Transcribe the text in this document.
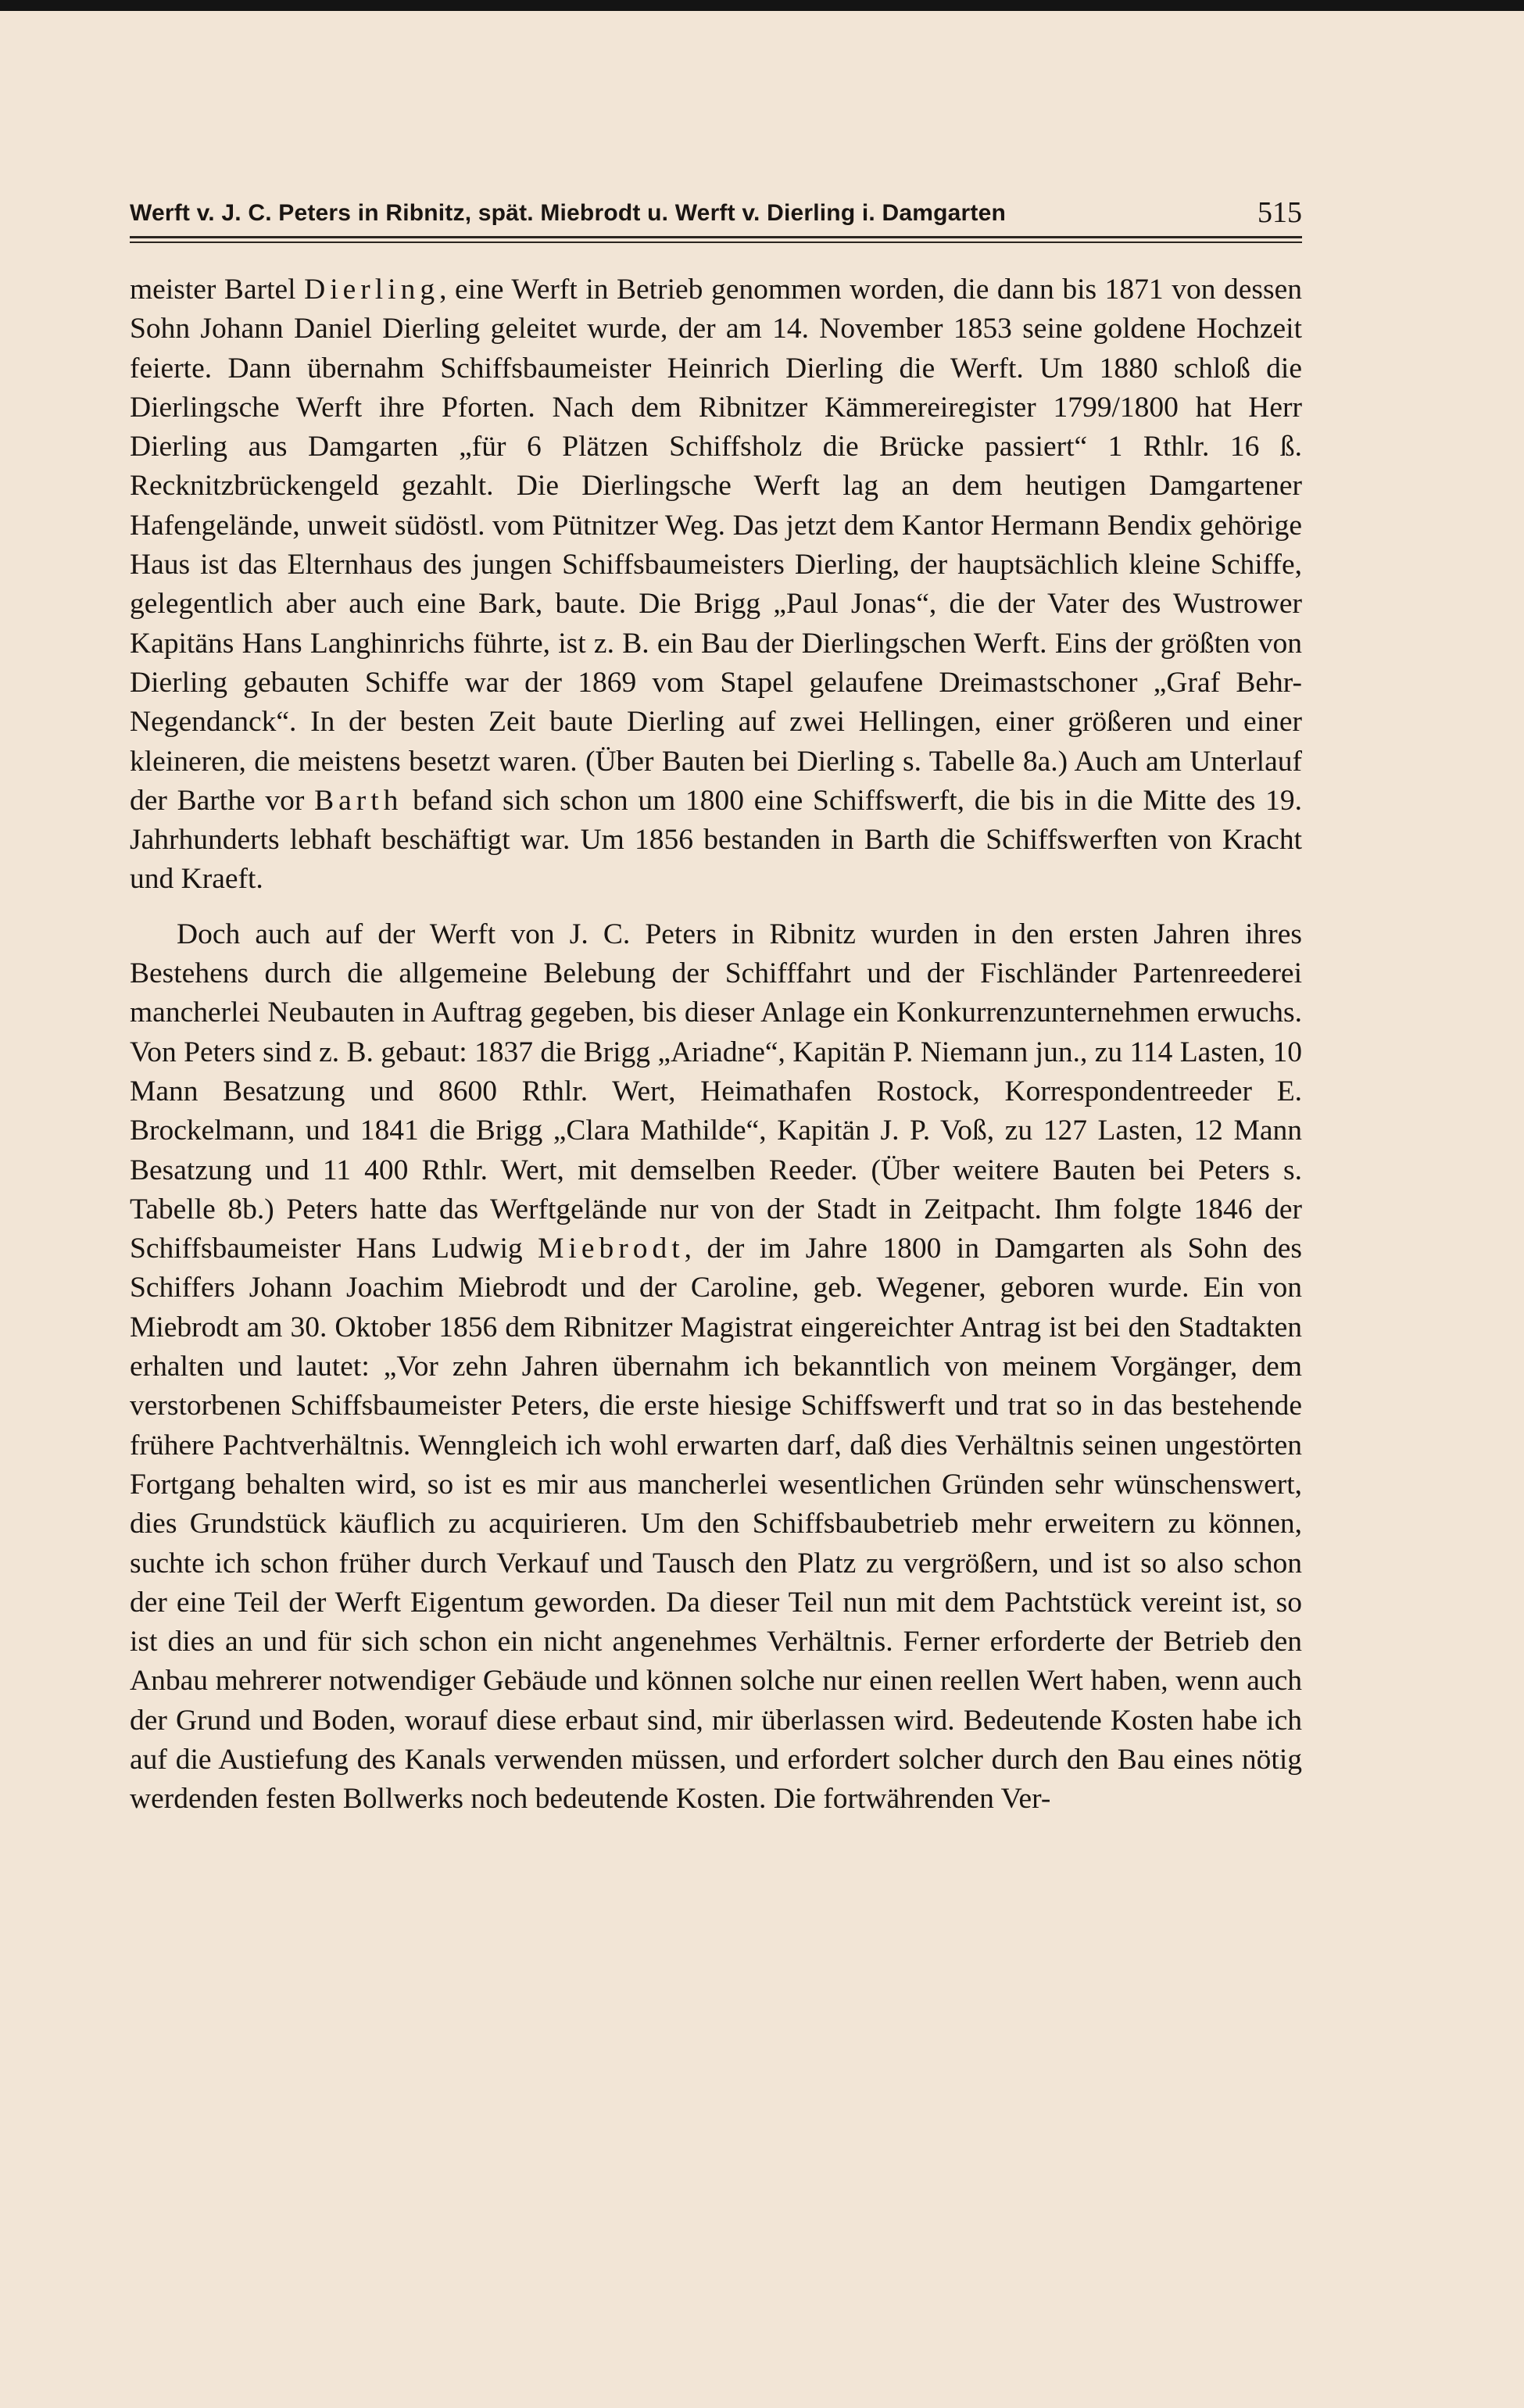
Werft v. J. C. Peters in Ribnitz, spät. Miebrodt u. Werft v. Dierling i. Damgarten	515

meister Bartel Dierling, eine Werft in Betrieb genommen worden, die dann bis 1871 von dessen Sohn Johann Daniel Dierling geleitet wurde, der am 14. November 1853 seine goldene Hochzeit feierte. Dann übernahm Schiffsbaumeister Heinrich Dierling die Werft. Um 1880 schloß die Dierlingsche Werft ihre Pforten. Nach dem Ribnitzer Kämmereiregister 1799/1800 hat Herr Dierling aus Damgarten „für 6 Plätzen Schiffsholz die Brücke passiert“ 1 Rthlr. 16 ß. Recknitzbrückengeld gezahlt. Die Dierlingsche Werft lag an dem heutigen Damgartener Hafengelände, unweit südöstl. vom Pütnitzer Weg. Das jetzt dem Kantor Hermann Bendix gehörige Haus ist das Elternhaus des jungen Schiffsbaumeisters Dierling, der hauptsächlich kleine Schiffe, gelegentlich aber auch eine Bark, baute. Die Brigg „Paul Jonas“, die der Vater des Wustrower Kapitäns Hans Langhinrichs führte, ist z. B. ein Bau der Dierlingschen Werft. Eins der größten von Dierling gebauten Schiffe war der 1869 vom Stapel gelaufene Dreimastschoner „Graf Behr-Negendanck“. In der besten Zeit baute Dierling auf zwei Hellingen, einer größeren und einer kleineren, die meistens besetzt waren. (Über Bauten bei Dierling s. Tabelle 8a.) Auch am Unterlauf der Barthe vor Barth befand sich schon um 1800 eine Schiffswerft, die bis in die Mitte des 19. Jahrhunderts lebhaft beschäftigt war. Um 1856 bestanden in Barth die Schiffswerften von Kracht und Kraeft.

Doch auch auf der Werft von J. C. Peters in Ribnitz wurden in den ersten Jahren ihres Bestehens durch die allgemeine Belebung der Schifffahrt und der Fischländer Partenreederei mancherlei Neubauten in Auftrag gegeben, bis dieser Anlage ein Konkurrenzunternehmen erwuchs. Von Peters sind z. B. gebaut: 1837 die Brigg „Ariadne“, Kapitän P. Niemann jun., zu 114 Lasten, 10 Mann Besatzung und 8600 Rthlr. Wert, Heimathafen Rostock, Korrespondentreeder E. Brockelmann, und 1841 die Brigg „Clara Mathilde“, Kapitän J. P. Voß, zu 127 Lasten, 12 Mann Besatzung und 11 400 Rthlr. Wert, mit demselben Reeder. (Über weitere Bauten bei Peters s. Tabelle 8b.) Peters hatte das Werftgelände nur von der Stadt in Zeitpacht. Ihm folgte 1846 der Schiffsbaumeister Hans Ludwig Miebrodt, der im Jahre 1800 in Damgarten als Sohn des Schiffers Johann Joachim Miebrodt und der Caroline, geb. Wegener, geboren wurde. Ein von Miebrodt am 30. Oktober 1856 dem Ribnitzer Magistrat eingereichter Antrag ist bei den Stadtakten erhalten und lautet: „Vor zehn Jahren übernahm ich bekanntlich von meinem Vorgänger, dem verstorbenen Schiffsbaumeister Peters, die erste hiesige Schiffswerft und trat so in das bestehende frühere Pachtverhältnis. Wenngleich ich wohl erwarten darf, daß dies Verhältnis seinen ungestörten Fortgang behalten wird, so ist es mir aus mancherlei wesentlichen Gründen sehr wünschenswert, dies Grundstück käuflich zu acquirieren. Um den Schiffsbaubetrieb mehr erweitern zu können, suchte ich schon früher durch Verkauf und Tausch den Platz zu vergrößern, und ist so also schon der eine Teil der Werft Eigentum geworden. Da dieser Teil nun mit dem Pachtstück vereint ist, so ist dies an und für sich schon ein nicht angenehmes Verhältnis. Ferner erforderte der Betrieb den Anbau mehrerer notwendiger Gebäude und können solche nur einen reellen Wert haben, wenn auch der Grund und Boden, worauf diese erbaut sind, mir überlassen wird. Bedeutende Kosten habe ich auf die Austiefung des Kanals verwenden müssen, und erfordert solcher durch den Bau eines nötig werdenden festen Bollwerks noch bedeutende Kosten. Die fortwährenden Ver-
